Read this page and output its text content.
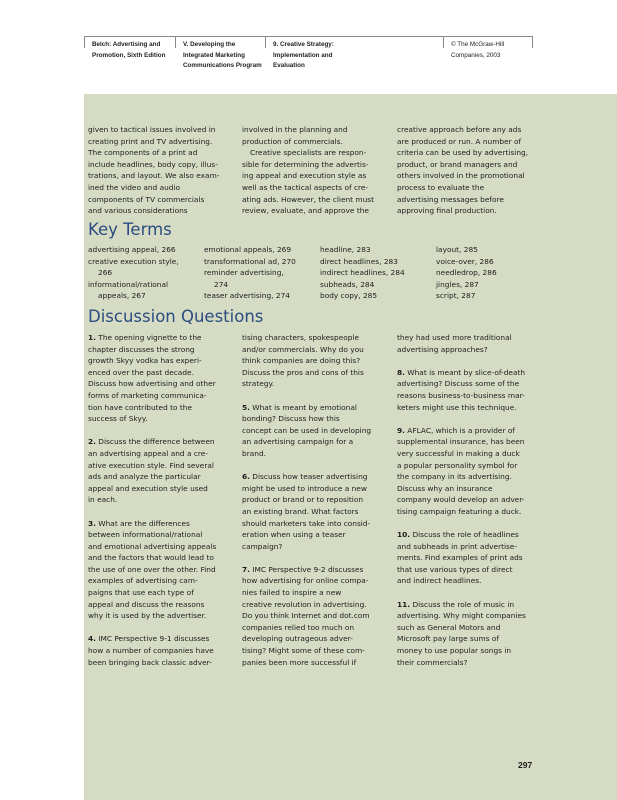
Belch: Advertising and
Promotion, Sixth Edition
V. Developing the
Integrated Marketing
Communications Program
9. Creative Strategy:
Implementation and
Evaluation
© The McGraw-Hill
Companies, 2003
given to tactical issues involved in
creating print and TV advertising.
The components of a print ad
include headlines, body copy, illus-
trations, and layout. We also exam-
ined the video and audio
components of TV commercials
and various considerations
involved in the planning and
production of commercials.
Creative specialists are respon-
sible for determining the advertis-
ing appeal and execution style as
well as the tactical aspects of cre-
ating ads. However, the client must
review, evaluate, and approve the
creative approach before any ads
are produced or run. A number of
criteria can be used by advertising,
product, or brand managers and
others involved in the promotional
process to evaluate the
advertising messages before
approving final production.
Key Terms
advertising appeal, 266
creative execution style,
266
informational/rational
appeals, 267
emotional appeals, 269
transformational ad, 270
reminder advertising,
274
teaser advertising, 274
headline, 283
direct headlines, 283
indirect headlines, 284
subheads, 284
body copy, 285
layout, 285
voice-over, 286
needledrop, 286
jingles, 287
script, 287
Discussion Questions
1. The opening vignette to the
chapter discusses the strong
growth Skyy vodka has experi-
enced over the past decade.
Discuss how advertising and other
forms of marketing communica-
tion have contributed to the
success of Skyy.
2. Discuss the difference between
an advertising appeal and a cre-
ative execution style. Find several
ads and analyze the particular
appeal and execution style used
in each.
3. What are the differences
between informational/rational
and emotional advertising appeals
and the factors that would lead to
the use of one over the other. Find
examples of advertising cam-
paigns that use each type of
appeal and discuss the reasons
why it is used by the advertiser.
4. IMC Perspective 9-1 discusses
how a number of companies have
been bringing back classic adver-
tising characters, spokespeople
and/or commercials. Why do you
think companies are doing this?
Discuss the pros and cons of this
strategy.
5. What is meant by emotional
bonding? Discuss how this
concept can be used in developing
an advertising campaign for a
brand.
6. Discuss how teaser advertising
might be used to introduce a new
product or brand or to reposition
an existing brand. What factors
should marketers take into consid-
eration when using a teaser
campaign?
7. IMC Perspective 9-2 discusses
how advertising for online compa-
nies failed to inspire a new
creative revolution in advertising.
Do you think Internet and dot.com
companies relied too much on
developing outrageous adver-
tising? Might some of these com-
panies been more successful if
they had used more traditional
advertising approaches?
8. What is meant by slice-of-death
advertising? Discuss some of the
reasons business-to-business mar-
keters might use this technique.
9. AFLAC, which is a provider of
supplemental insurance, has been
very successful in making a duck
a popular personality symbol for
the company in its advertising.
Discuss why an insurance
company would develop an adver-
tising campaign featuring a duck.
10. Discuss the role of headlines
and subheads in print advertise-
ments. Find examples of print ads
that use various types of direct
and indirect headlines.
11. Discuss the role of music in
advertising. Why might companies
such as General Motors and
Microsoft pay large sums of
money to use popular songs in
their commercials?
297
